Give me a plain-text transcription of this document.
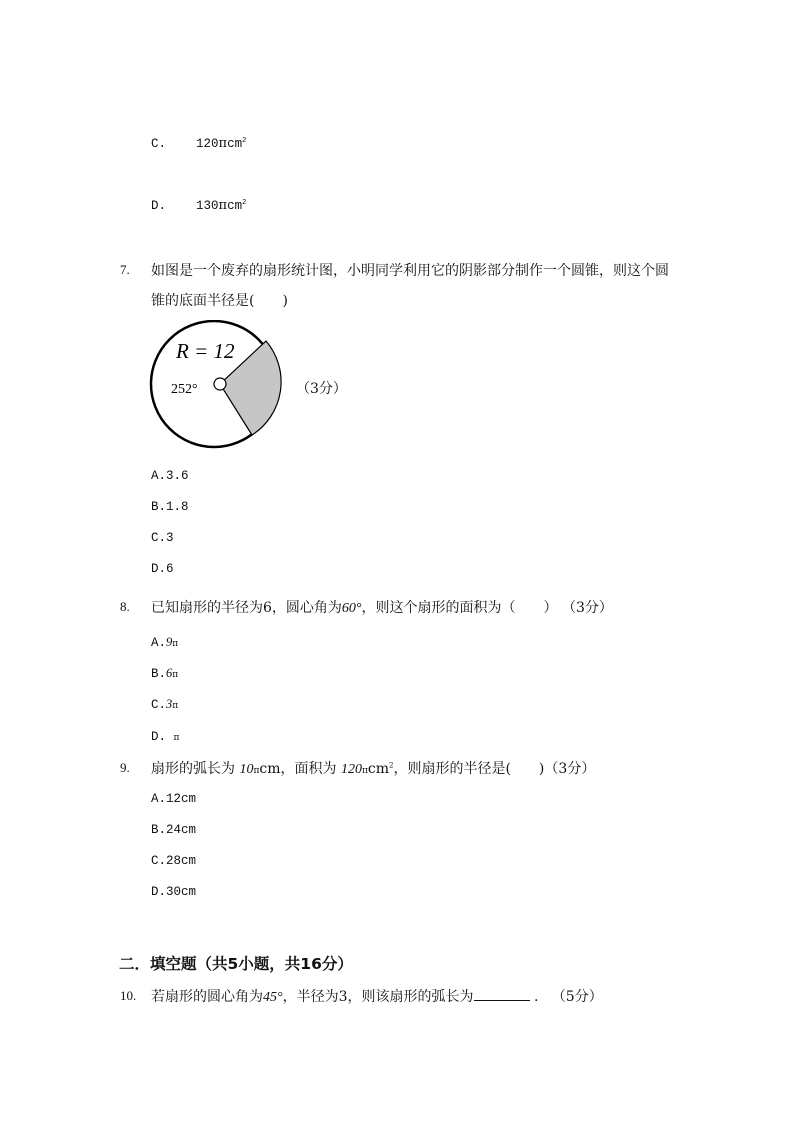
C. 120πcm$^2$
D. 130πcm$^2$
7. 如图是一个废弃的扇形统计图，小明同学利用它的阴影部分制作一个圆锥，则这个圆
锥的底面半径是(　　)
R = 12
252°	（3分）
A.3.6
B.1.8
C.3
D.6
8. 已知扇形的半径为6，圆心角为60°，则这个扇形的面积为（　　） （3分）
A.9π
B.6π
C.3π
D. π
9. 扇形的弧长为 10πcm，面积为 120πcm$^2$，则扇形的半径是(　　)（3分）
A.12cm
B.24cm
C.28cm
D.30cm
二．填空题（共5小题，共16分）
10. 若扇形的圆心角为45°，半径为3，则该扇形的弧长为	. （5分）
